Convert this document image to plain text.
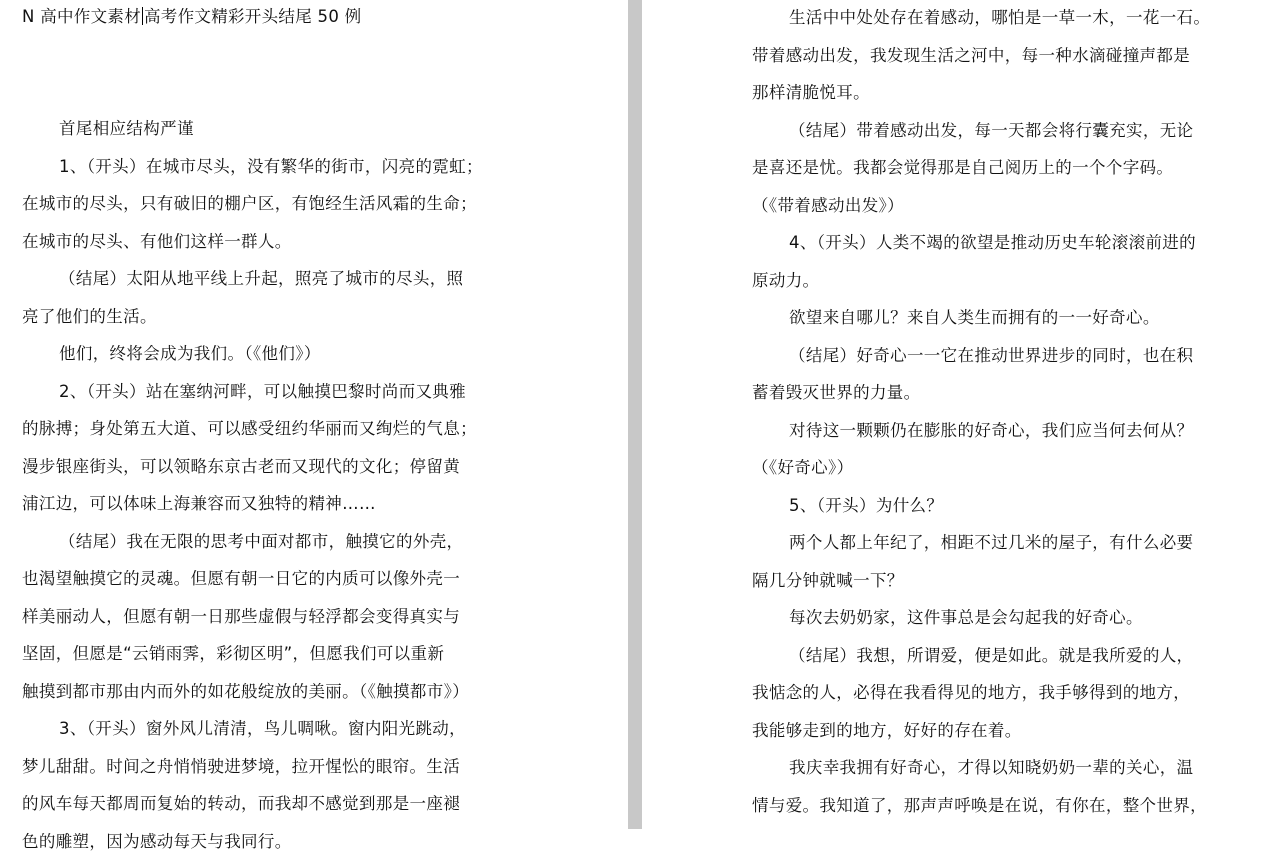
N 高中作文素材 高考作文精彩开头结尾 50 例
首尾相应结构严谨
1、（开头）在城市尽头，没有繁华的街市，闪亮的霓虹；
在城市的尽头，只有破旧的棚户区，有饱经生活风霜的生命；
在城市的尽头、有他们这样一群人。
（结尾）太阳从地平线上升起，照亮了城市的尽头，照
亮了他们的生活。
他们，终将会成为我们。（《他们》）
2、（开头）站在塞纳河畔，可以触摸巴黎时尚而又典雅
的脉搏；身处第五大道、可以感受纽约华丽而又绚烂的气息；
漫步银座街头，可以领略东京古老而又现代的文化；停留黄
浦江边，可以体味上海兼容而又独特的精神……
（结尾）我在无限的思考中面对都市，触摸它的外壳，
也渴望触摸它的灵魂。但愿有朝一日它的内质可以像外壳一
样美丽动人，但愿有朝一日那些虚假与轻浮都会变得真实与
坚固，但愿是“云销雨霁，彩彻区明”，但愿我们可以重新
触摸到都市那由内而外的如花般绽放的美丽。（《触摸都市》）
3、（开头）窗外风儿清清，鸟儿啁啾。窗内阳光跳动，
梦儿甜甜。时间之舟悄悄驶进梦境，拉开惺忪的眼帘。生活
的风车每天都周而复始的转动，而我却不感觉到那是一座褪
色的雕塑，因为感动每天与我同行。
生活中中处处存在着感动，哪怕是一草一木，一花一石。
带着感动出发，我发现生活之河中，每一种水滴碰撞声都是
那样清脆悦耳。
（结尾）带着感动出发，每一天都会将行囊充实，无论
是喜还是忧。我都会觉得那是自己阅历上的一个个字码。
（《带着感动出发》）
4、（开头）人类不竭的欲望是推动历史车轮滚滚前进的
原动力。
欲望来自哪儿？来自人类生而拥有的一一好奇心。
（结尾）好奇心一一它在推动世界进步的同时，也在积
蓄着毁灭世界的力量。
对待这一颗颗仍在膨胀的好奇心，我们应当何去何从？
（《好奇心》）
5、（开头）为什么？
两个人都上年纪了，相距不过几米的屋子，有什么必要
隔几分钟就喊一下？
每次去奶奶家，这件事总是会勾起我的好奇心。
（结尾）我想，所谓爱，便是如此。就是我所爱的人，
我惦念的人，必得在我看得见的地方，我手够得到的地方，
我能够走到的地方，好好的存在着。
我庆幸我拥有好奇心，才得以知晓奶奶一辈的关心，温
情与爱。我知道了，那声声呼唤是在说，有你在，整个世界，
